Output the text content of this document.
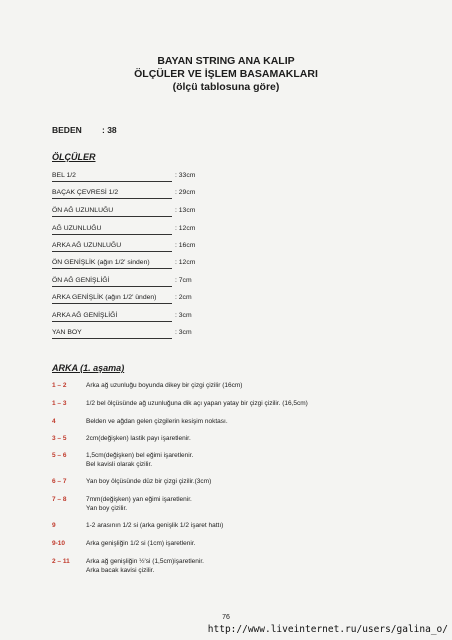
BAYAN STRING ANA KALIP
ÖLÇÜLER VE İŞLEM BASAMAKLARI
(ölçü tablosuna göre)
BEDEN : 38
ÖLÇÜLER
BEL 1/2	: 33cm
BAÇAK ÇEVRESİ 1/2	: 29cm
ÖN AĞ UZUNLUĞU	: 13cm
AĞ UZUNLUĞU	: 12cm
ARKA AĞ UZUNLUĞU	: 16cm
ÖN GENİŞLİK (ağın 1/2' sinden)	: 12cm
ÖN AĞ GENİŞLİĞİ	: 7cm
ARKA GENİŞLİK (ağın 1/2' ünden)	: 2cm
ARKA AĞ GENİŞLİĞİ	: 3cm
YAN BOY	: 3cm
ARKA (1. aşama)
1 – 2	Arka ağ uzunluğu boyunda dikey bir çizgi çizilir (16cm)
1 – 3	1/2 bel ölçüsünde ağ uzunluğuna dik açı yapan yatay bir çizgi çizilir. (16,5cm)
4	Belden ve ağdan gelen çizgilerin kesişim noktası.
3 – 5	2cm(değişken) lastik payı işaretlenir.
5 – 6	1,5cm(değişken) bel eğimi işaretlenir.
Bel kavisli olarak çizilir.
6 – 7	Yan boy ölçüsünde düz bir çizgi çizilir.(3cm)
7 – 8	7mm(değişken) yan eğimi işaretlenir.
Yan boy çizilir.
9	1-2 arasının 1/2 si (arka genişlik 1/2 işaret hattı)
9-10	Arka genişliğin 1/2 si (1cm) işaretlenir.
2 – 11	Arka ağ genişliğin ½'si (1,5cm)işaretlenir.
Arka bacak kavisi çizilir.
76
http://www.liveinternet.ru/users/galina_o/
